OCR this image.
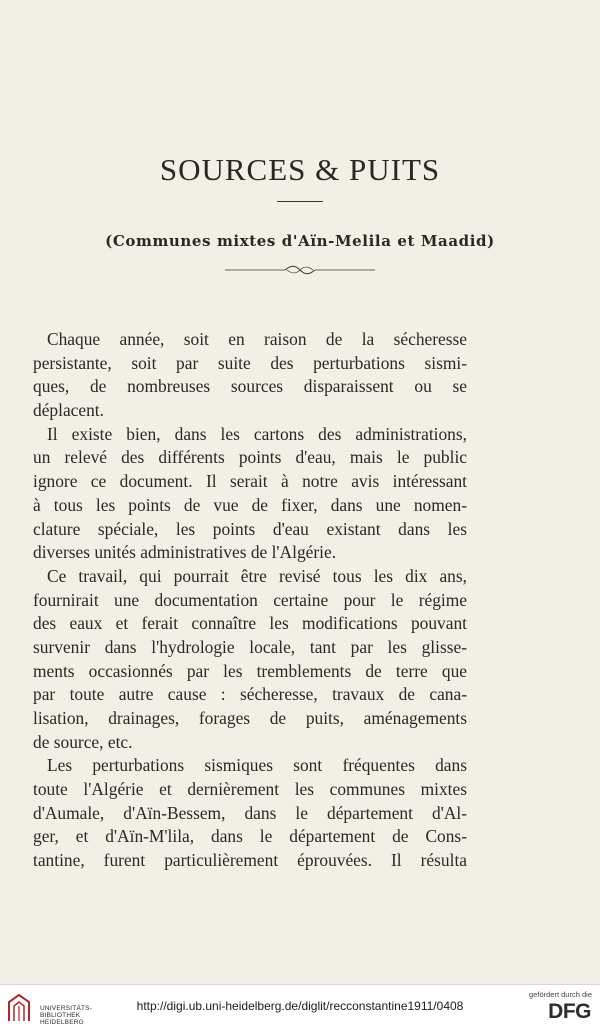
SOURCES & PUITS
(Communes mixtes d'Aïn-Melila et Maadid)
Chaque année, soit en raison de la sécheresse
persistante, soit par suite des perturbations sismi-
ques, de nombreuses sources disparaissent ou se
déplacent.
Il existe bien, dans les cartons des administrations,
un relevé des différents points d'eau, mais le public
ignore ce document. Il serait à notre avis intéressant
à tous les points de vue de fixer, dans une nomen-
clature spéciale, les points d'eau existant dans les
diverses unités administratives de l'Algérie.
Ce travail, qui pourrait être revisé tous les dix ans,
fournirait une documentation certaine pour le régime
des eaux et ferait connaître les modifications pouvant
survenir dans l'hydrologie locale, tant par les glisse-
ments occasionnés par les tremblements de terre que
par toute autre cause : sécheresse, travaux de cana-
lisation, drainages, forages de puits, aménagements
de source, etc.
Les perturbations sismiques sont fréquentes dans
toute l'Algérie et dernièrement les communes mixtes
d'Aumale, d'Aïn-Bessem, dans le département d'Al-
ger, et d'Aïn-M'lila, dans le département de Cons-
tantine, furent particulièrement éprouvées. Il résulta
UNIVERSITÄTS-
BIBLIOTHEK
HEIDELBERG
http://digi.ub.uni-heidelberg.de/diglit/recconstantine1911/0408
gefördert durch die
DFG
